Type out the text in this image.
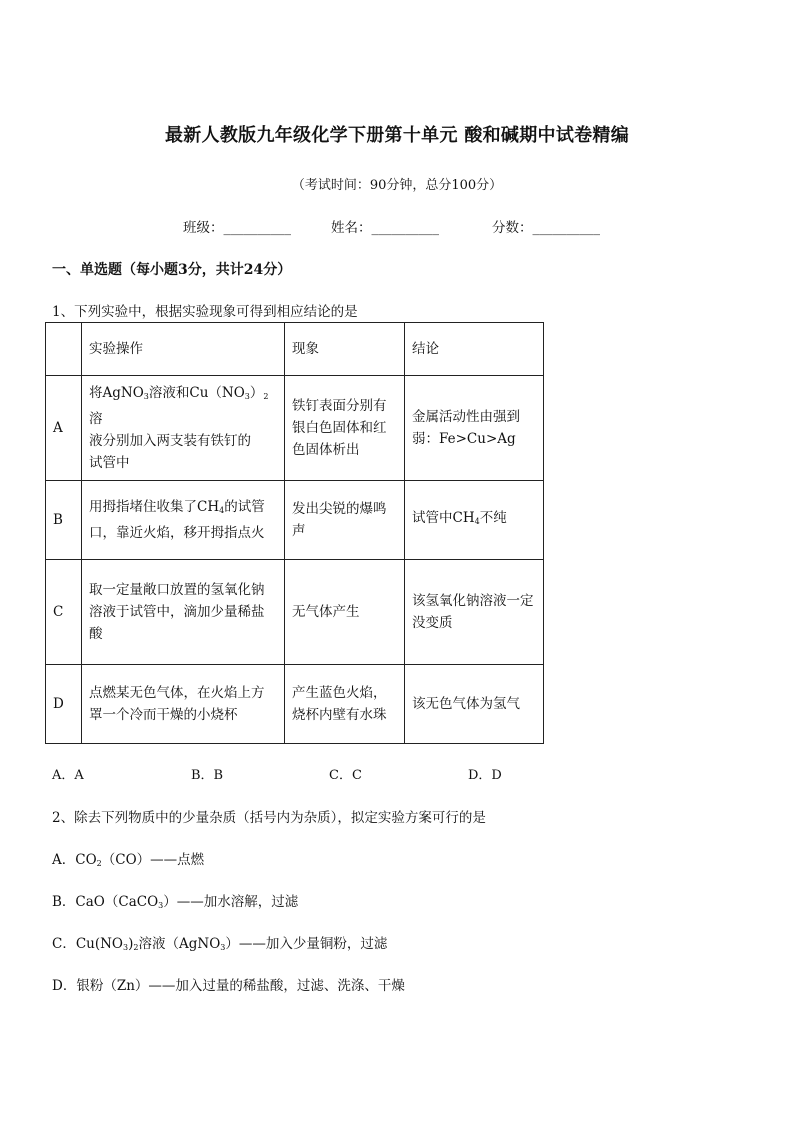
最新人教版九年级化学下册第十单元 酸和碱期中试卷精编
（考试时间：90分钟，总分100分）
班级：__________	姓名：__________	分数：__________
一、单选题（每小题3分，共计24分）
1、下列实验中，根据实验现象可得到相应结论的是
	实验操作	现象	结论
A	将AgNO$_3$溶液和$Cu(NO_3)_2$溶
液分别加入两支装有铁钉的
试管中	铁钉表面分别有银白色固体和红色固体析出	金属活动性由强到弱：Fe>Cu>Ag
B	用拇指堵住收集了$CH_4$的试管
口，靠近火焰，移开拇指点火	发出尖锐的爆鸣声	试管中$CH_4$不纯
C	取一定量敞口放置的氢氧化钠溶液于试管中，滴加少量稀盐酸	无气体产生	该氢氧化钠溶液一定没变质
D	点燃某无色气体，在火焰上方罩一个冷而干燥的小烧杯	产生蓝色火焰，烧杯内壁有水珠	该无色气体为氢气
A．A	B．B	C．C	D．D
2、除去下列物质中的少量杂质（括号内为杂质），拟定实验方案可行的是
A．$CO_2(CO)——$点燃
B．CaO（CaCO$_3$）——加水溶解，过滤
C．$Cu(NO_3)_2$溶液（AgNO$_3$）——加入少量铜粉，过滤
D．银粉（Zn）——加入过量的稀盐酸，过滤、洗涤、干燥
